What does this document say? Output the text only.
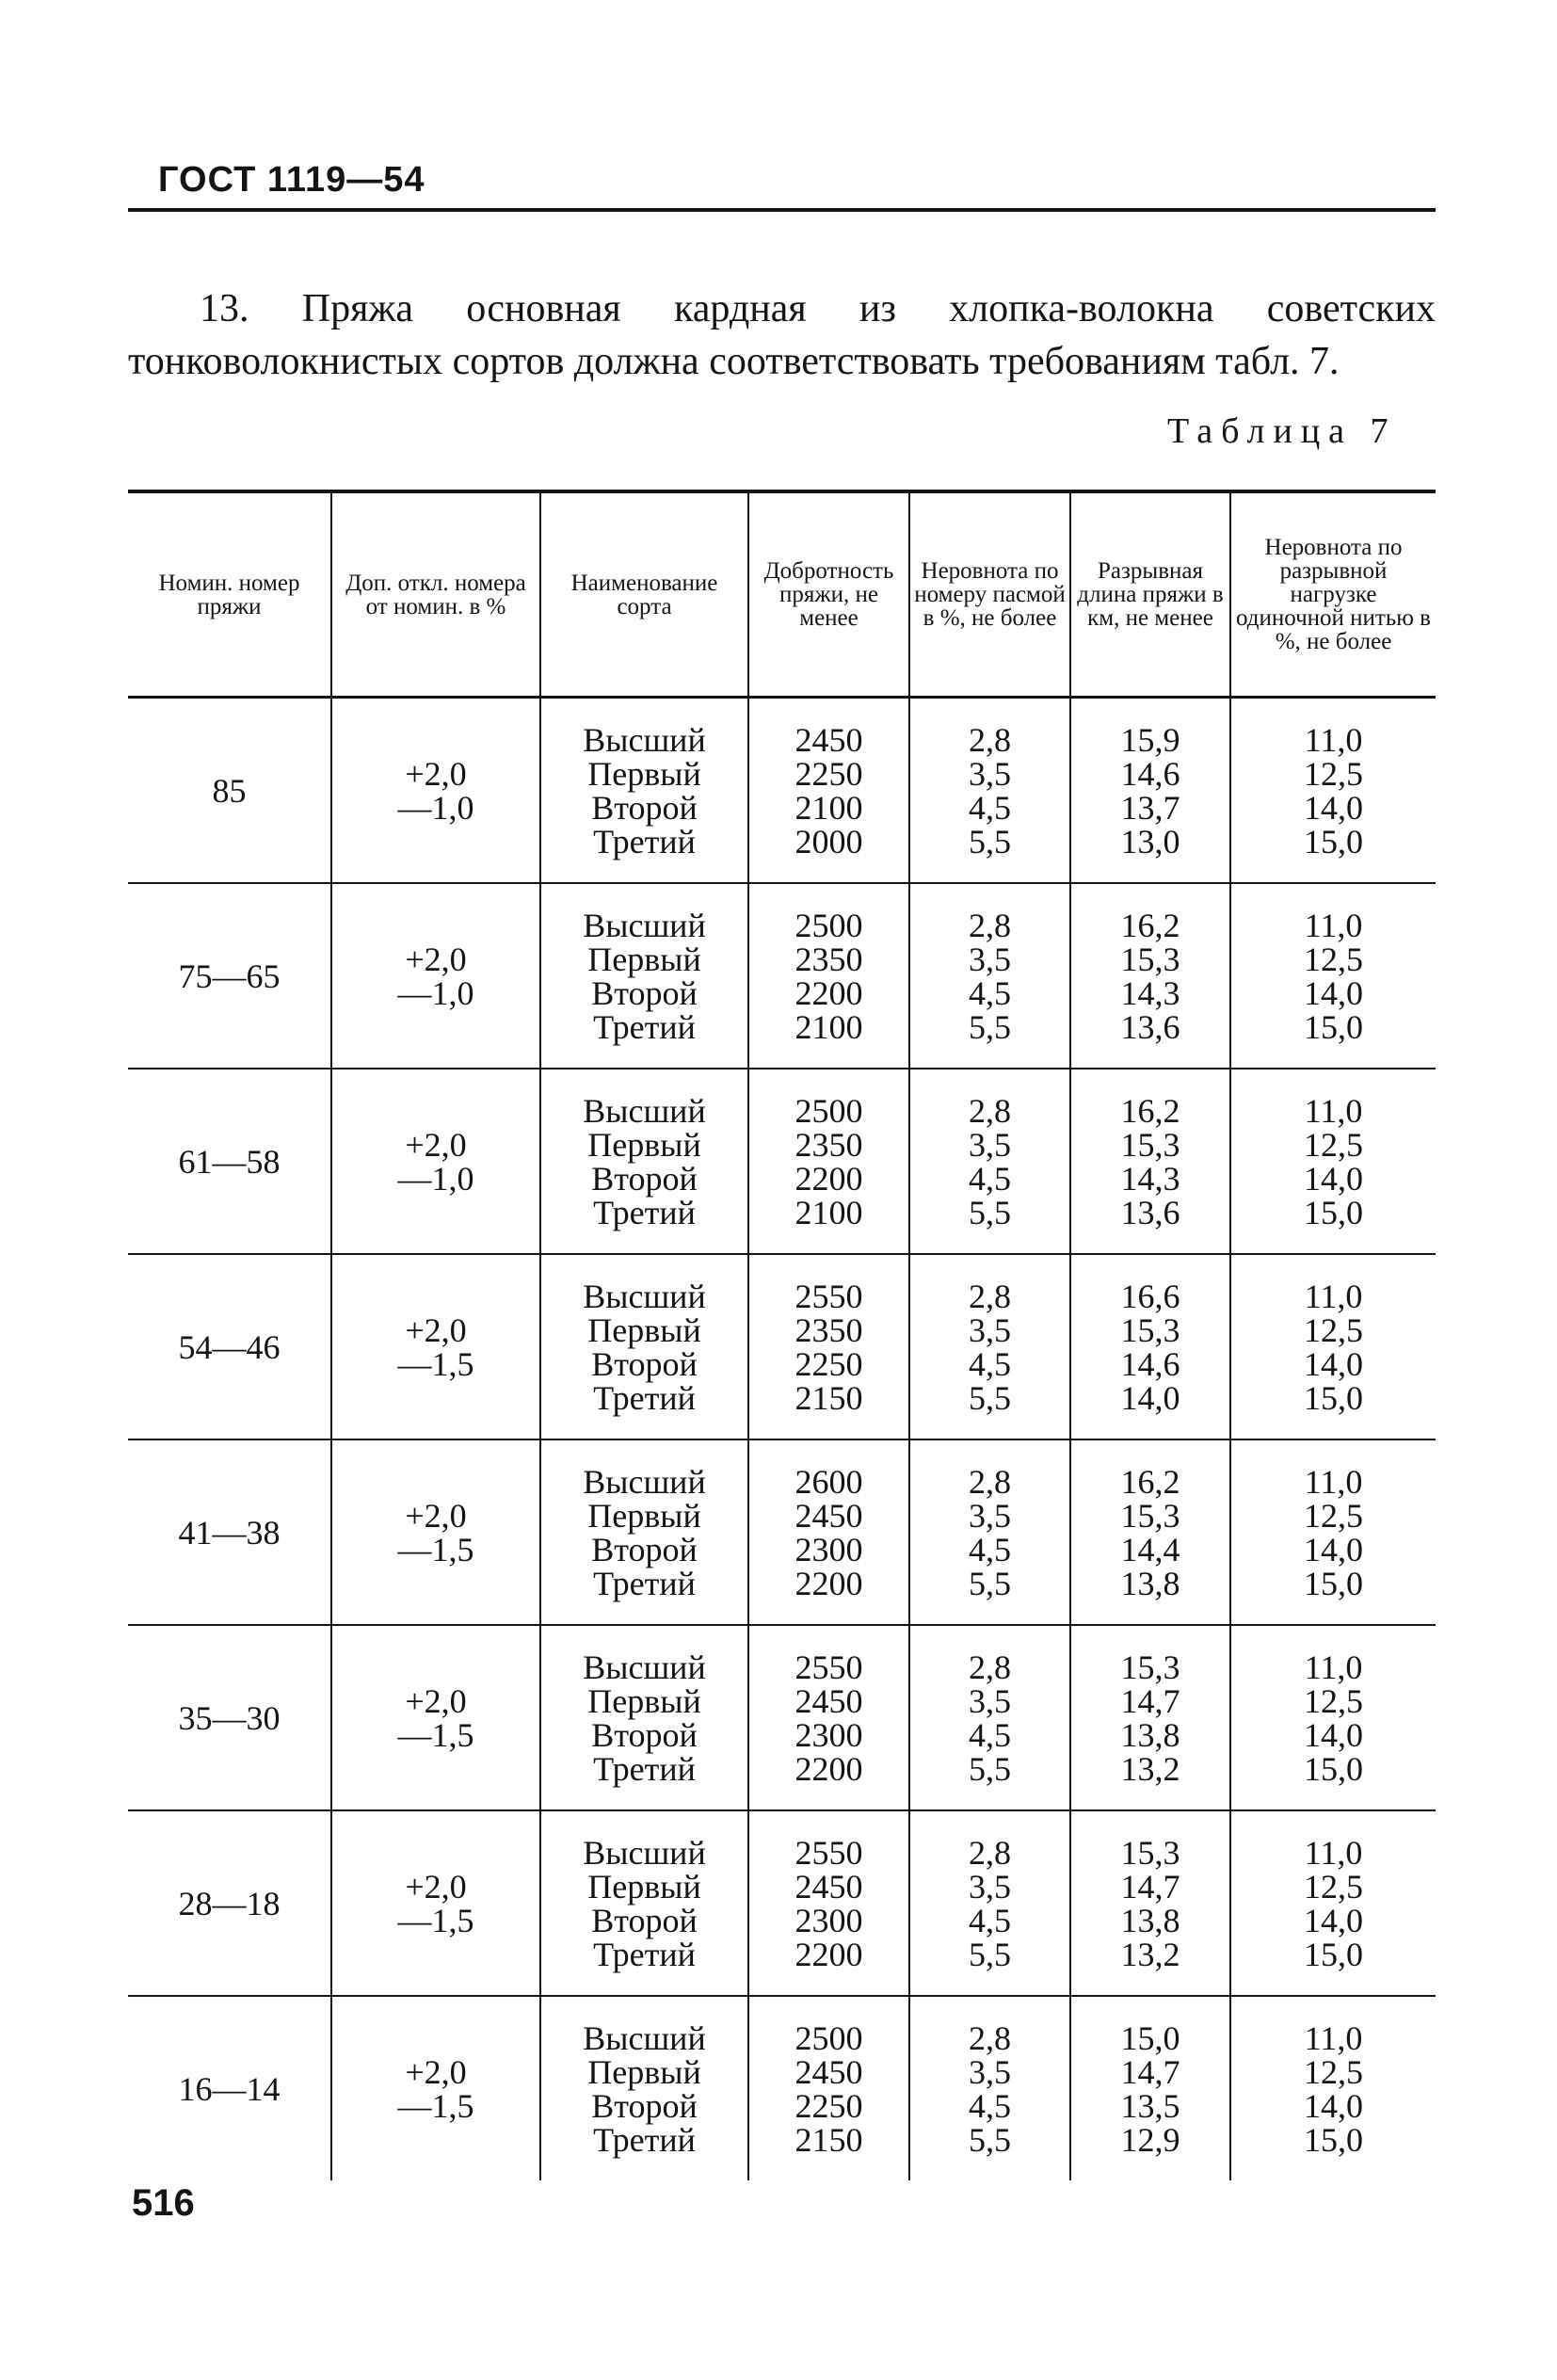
ГОСТ 1119—54

13. Пряжа основная кардная из хлопка-волокна советских тонковолокнистых сортов должна соответствовать требованиям табл. 7.

Таблица 7
Номин. номер пряжи	Доп. откл. номера от номин. в %	Наименование сорта	Добротность пряжи, не менее	Неровнота по номеру пасмой в %, не более	Разрывная длина пряжи в км, не менее	Неровнота по разрывной нагрузке одиночной нитью в %, не более
85	+2,0
—1,0	Высший
Первый
Второй
Третий	2450
2250
2100
2000	2,8
3,5
4,5
5,5	15,9
14,6
13,7
13,0	11,0
12,5
14,0
15,0

75—65	+2,0
—1,0	Высший
Первый
Второй
Третий	2500
2350
2200
2100	2,8
3,5
4,5
5,5	16,2
15,3
14,3
13,6	11,0
12,5
14,0
15,0

61—58	+2,0
—1,0	Высший
Первый
Второй
Третий	2500
2350
2200
2100	2,8
3,5
4,5
5,5	16,2
15,3
14,3
13,6	11,0
12,5
14,0
15,0

54—46	+2,0
—1,5	Высший
Первый
Второй
Третий	2550
2350
2250
2150	2,8
3,5
4,5
5,5	16,6
15,3
14,6
14,0	11,0
12,5
14,0
15,0

41—38	+2,0
—1,5	Высший
Первый
Второй
Третий	2600
2450
2300
2200	2,8
3,5
4,5
5,5	16,2
15,3
14,4
13,8	11,0
12,5
14,0
15,0

35—30	+2,0
—1,5	Высший
Первый
Второй
Третий	2550
2450
2300
2200	2,8
3,5
4,5
5,5	15,3
14,7
13,8
13,2	11,0
12,5
14,0
15,0

28—18	+2,0
—1,5	Высший
Первый
Второй
Третий	2550
2450
2300
2200	2,8
3,5
4,5
5,5	15,3
14,7
13,8
13,2	11,0
12,5
14,0
15,0

16—14	+2,0
—1,5	Высший
Первый
Второй
Третий	2500
2450
2250
2150	2,8
3,5
4,5
5,5	15,0
14,7
13,5
12,9	11,0
12,5
14,0
15,0
516
